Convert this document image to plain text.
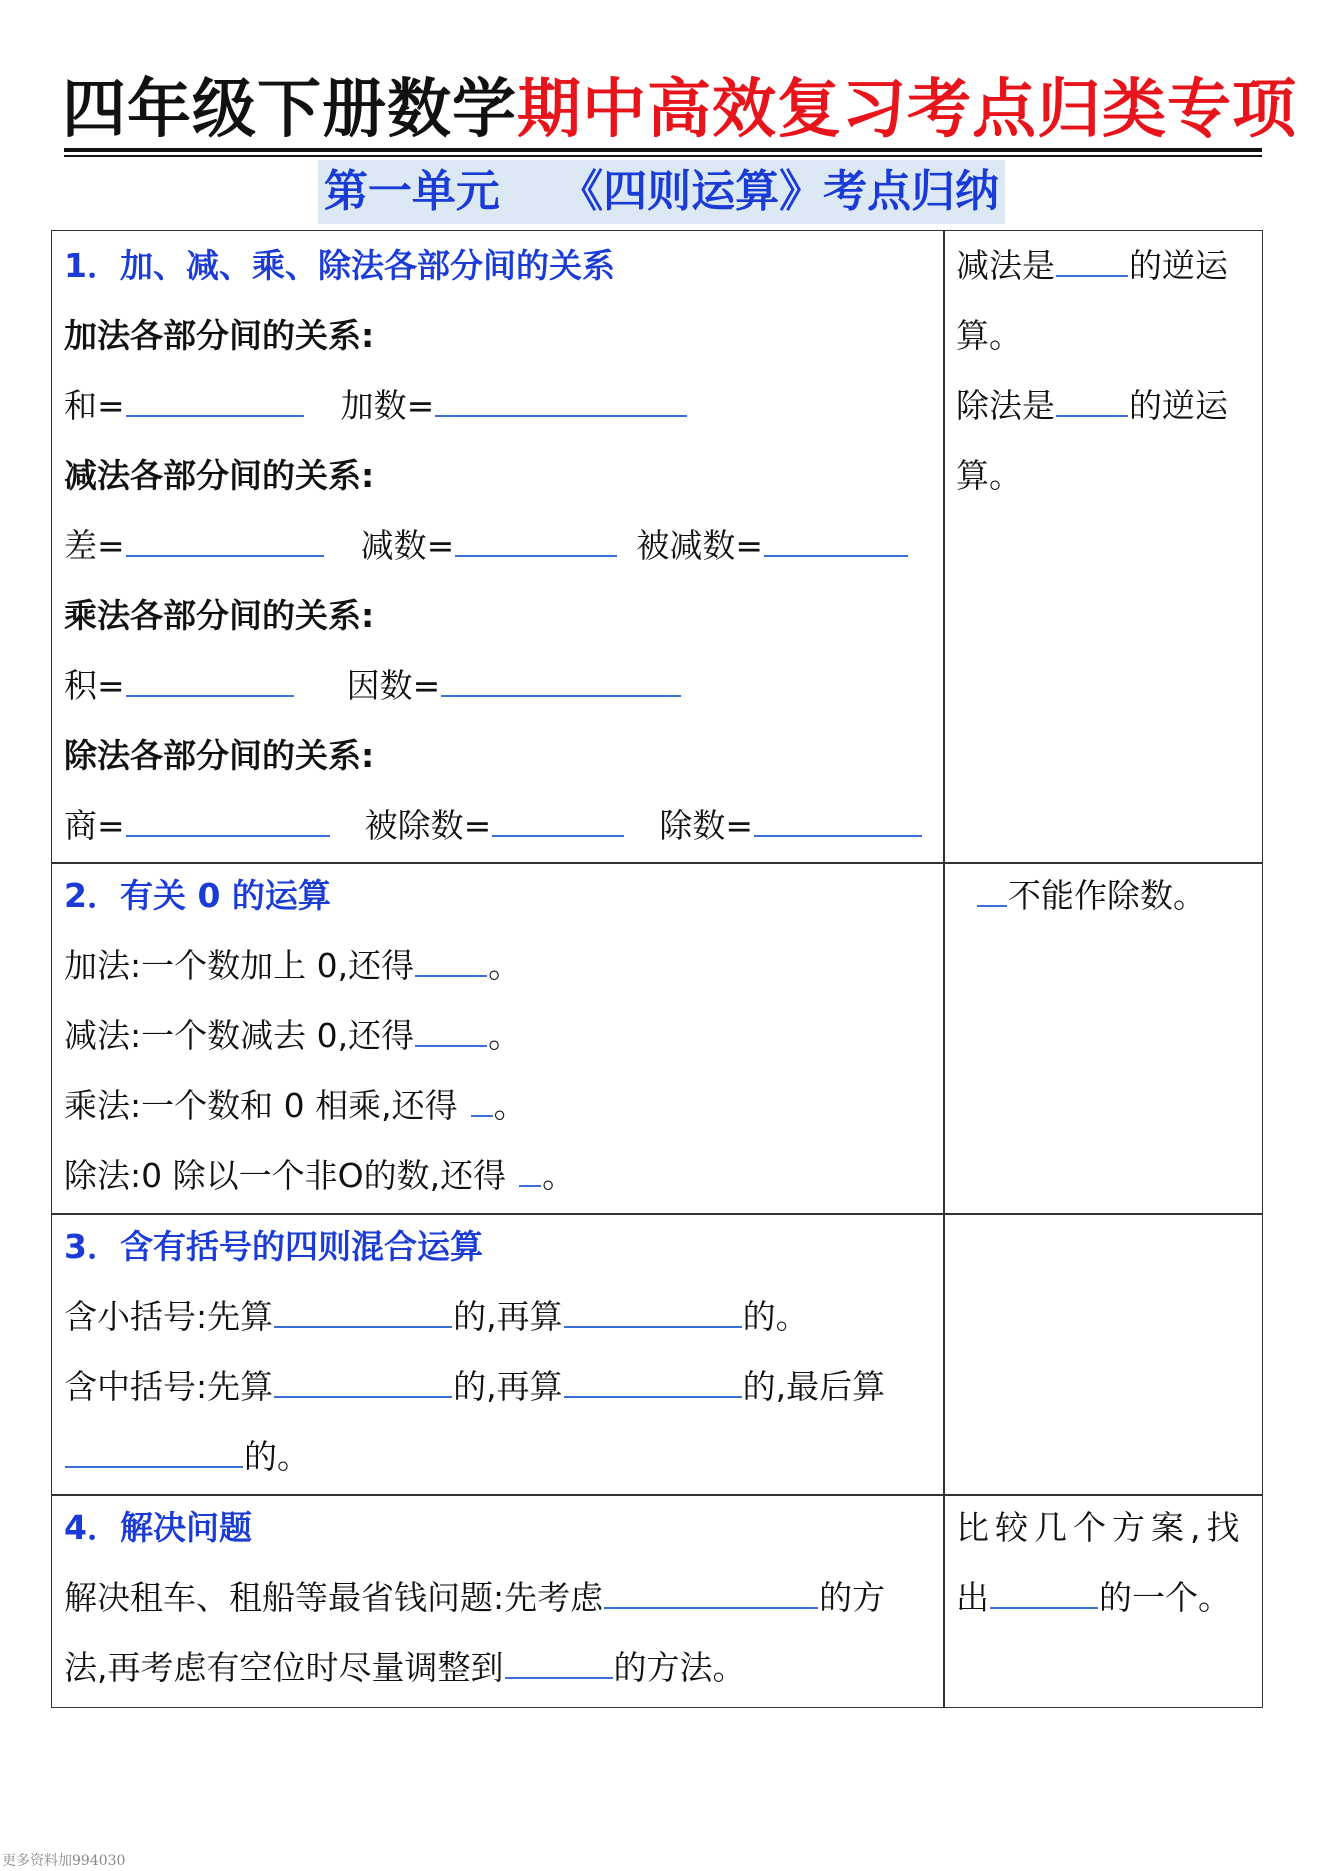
四年级下册数学期中高效复习考点归类专项
第一单元　 《四则运算》考点归纳
1．加、减、乘、除法各部分间的关系
加法各部分间的关系:
和=	加数=
减法各部分间的关系:
差=	减数=	被减数=
乘法各部分间的关系:
积=	因数=
除法各部分间的关系:
商=	被除数=	除数=
减法是 的逆运
算。
除法是 的逆运
算。
2．有关 0 的运算
加法:一个数加上 0,还得 。
减法:一个数减去 0,还得 。
乘法:一个数和 0 相乘,还得 。
除法:0 除以一个非O的数,还得 。
不能作除数。
3．含有括号的四则混合运算
含小括号:先算	的,再算	的。
含中括号:先算	的,再算	的,最后算
的。
4．解决问题
解决租车、租船等最省钱问题:先考虑	的方
法,再考虑有空位时尽量调整到	的方法。
比较几个方案,找
出	的一个。
更多资料加994030
